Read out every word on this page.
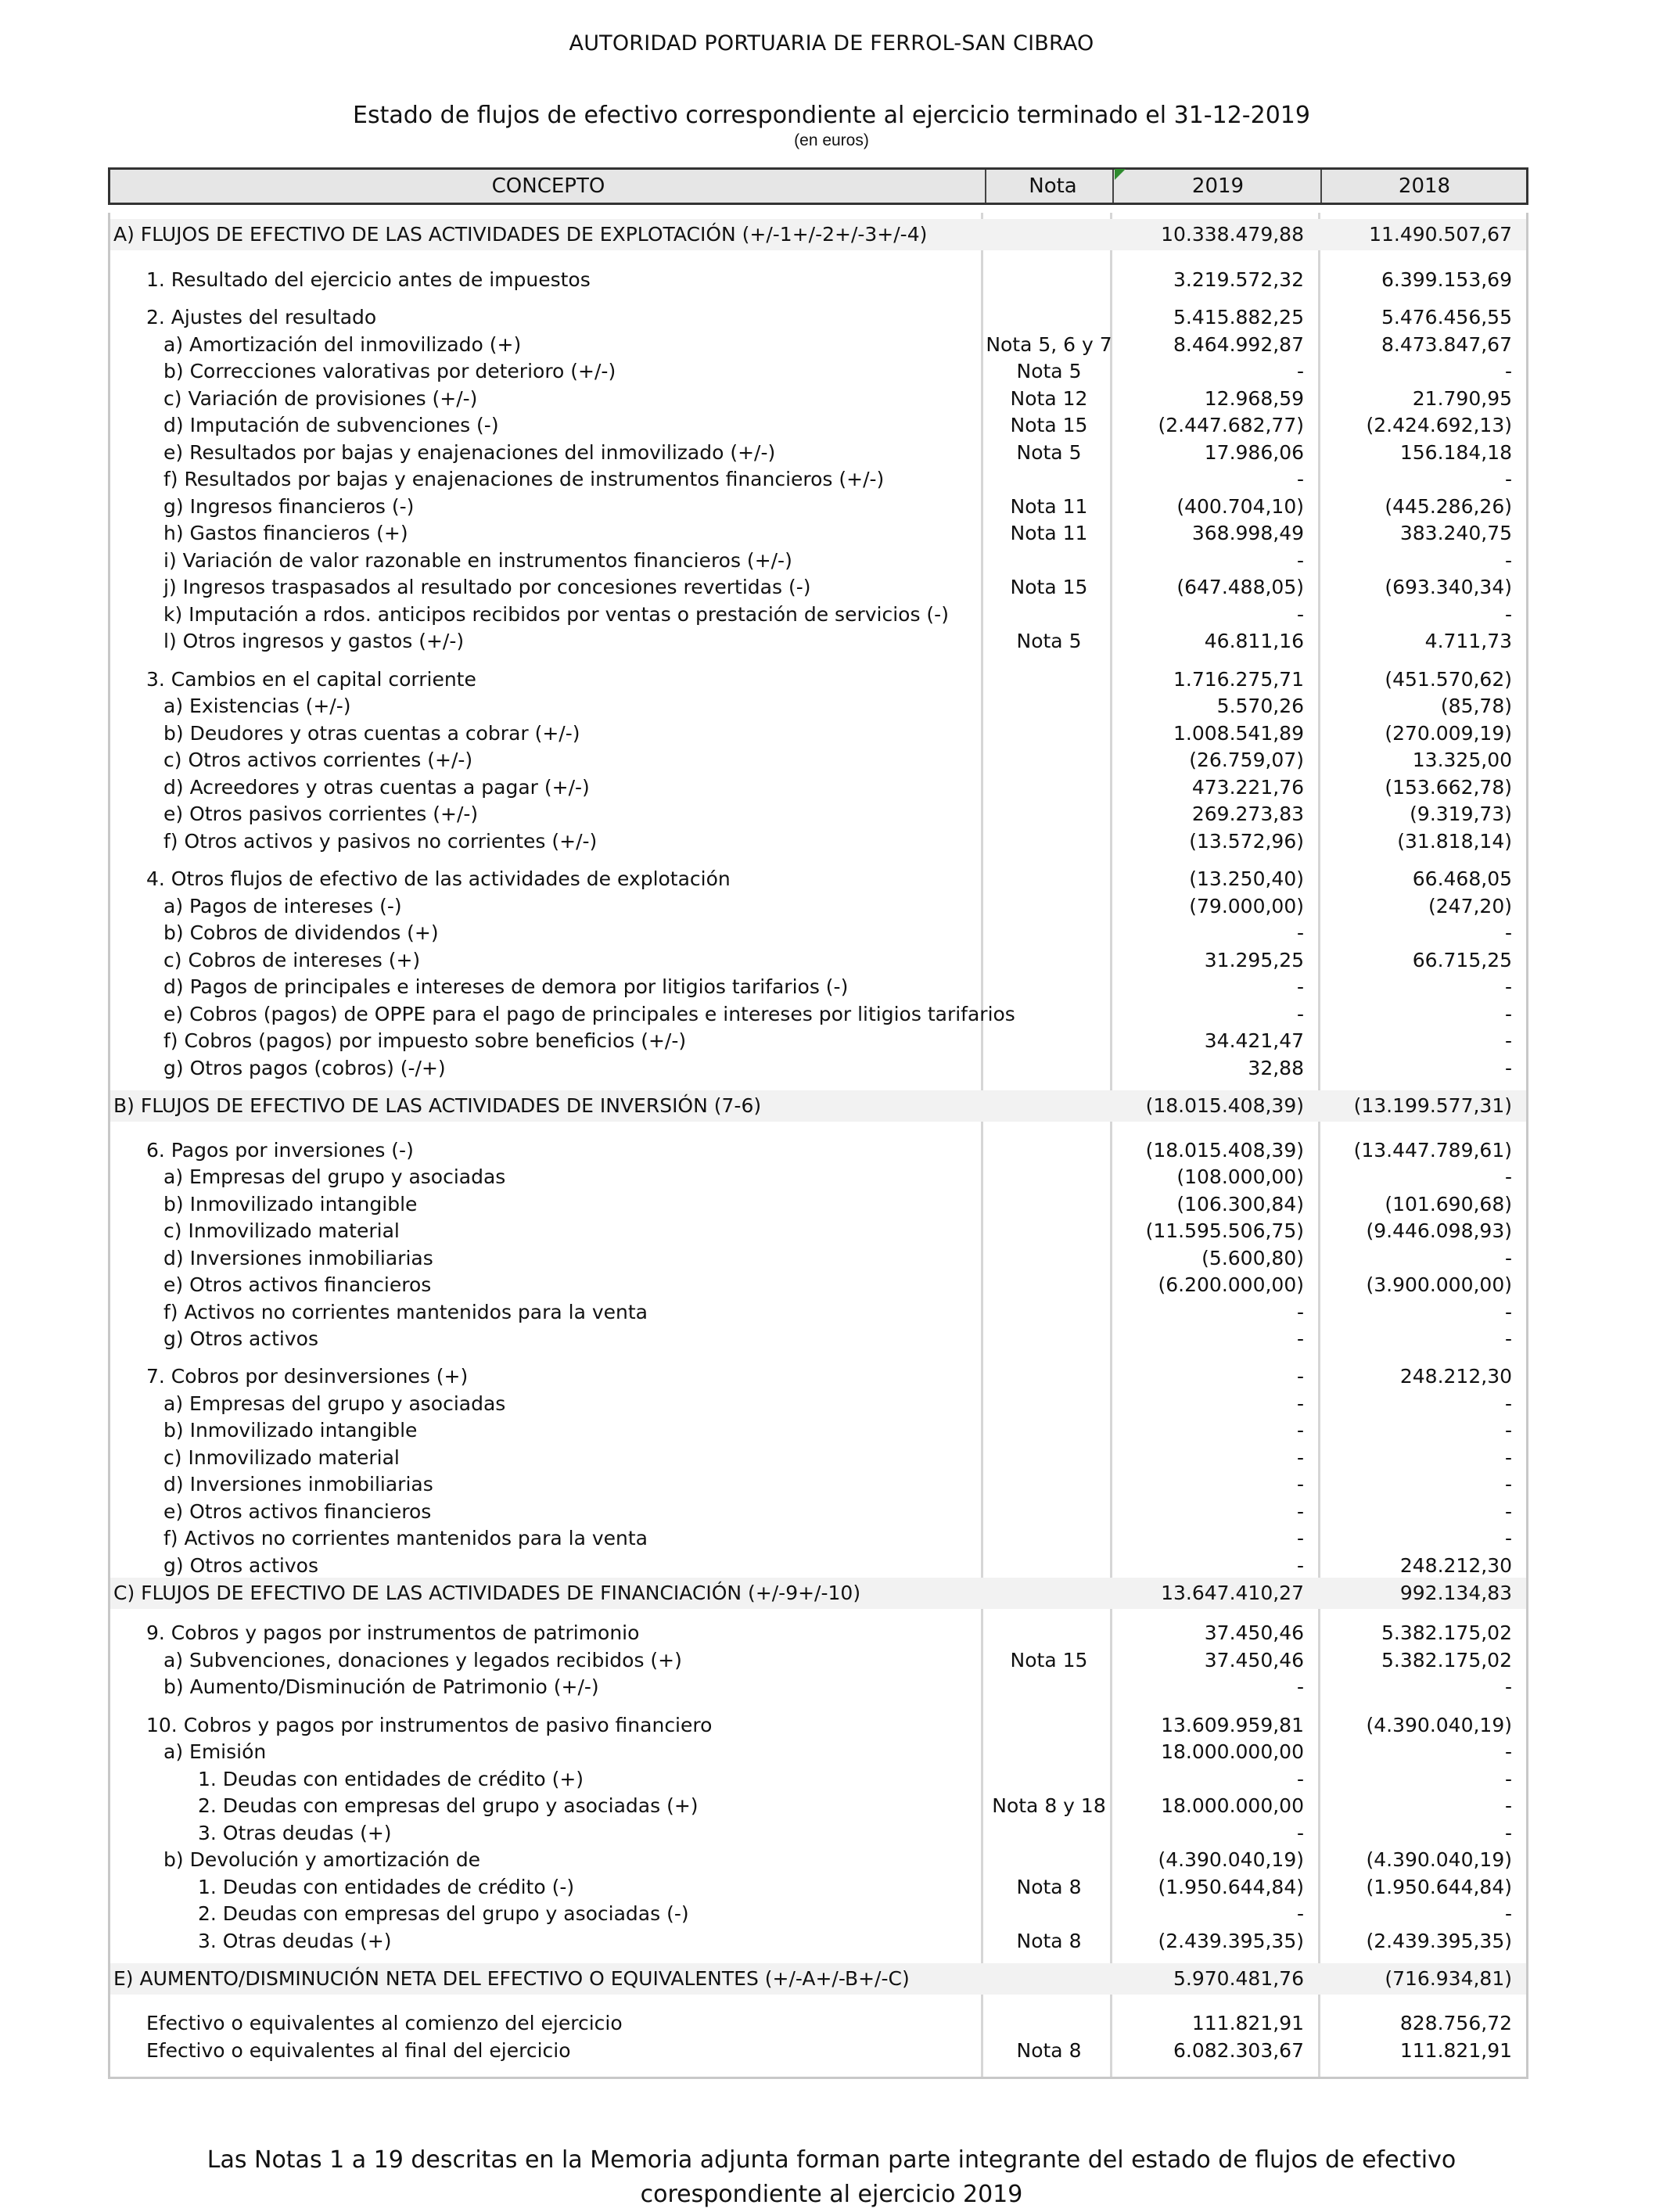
AUTORIDAD PORTUARIA DE FERROL-SAN CIBRAO
Estado de flujos de efectivo correspondiente al ejercicio terminado el 31-12-2019
(en euros)
CONCEPTO	Nota	2019	2018
A) FLUJOS DE EFECTIVO DE LAS ACTIVIDADES DE EXPLOTACIÓN (+/-1+/-2+/-3+/-4)	10.338.479,88	11.490.507,67
1. Resultado del ejercicio antes de impuestos	3.219.572,32	6.399.153,69
2. Ajustes del resultado	5.415.882,25	5.476.456,55
a) Amortización del inmovilizado (+)	Nota 5, 6 y 7	8.464.992,87	8.473.847,67
b) Correcciones valorativas por deterioro (+/-)	Nota 5	-	-
c) Variación de provisiones (+/-)	Nota 12	12.968,59	21.790,95
d) Imputación de subvenciones (-)	Nota 15	(2.447.682,77)	(2.424.692,13)
e) Resultados por bajas y enajenaciones del inmovilizado (+/-)	Nota 5	17.986,06	156.184,18
f) Resultados por bajas y enajenaciones de instrumentos financieros (+/-)	-	-
g) Ingresos financieros (-)	Nota 11	(400.704,10)	(445.286,26)
h) Gastos financieros (+)	Nota 11	368.998,49	383.240,75
i) Variación de valor razonable en instrumentos financieros (+/-)	-	-
j) Ingresos traspasados al resultado por concesiones revertidas (-)	Nota 15	(647.488,05)	(693.340,34)
k) Imputación a rdos. anticipos recibidos por ventas o prestación de servicios (-)	-	-
l) Otros ingresos y gastos (+/-)	Nota 5	46.811,16	4.711,73
3. Cambios en el capital corriente	1.716.275,71	(451.570,62)
a) Existencias (+/-)	5.570,26	(85,78)
b) Deudores y otras cuentas a cobrar (+/-)	1.008.541,89	(270.009,19)
c) Otros activos corrientes (+/-)	(26.759,07)	13.325,00
d) Acreedores y otras cuentas a pagar (+/-)	473.221,76	(153.662,78)
e) Otros pasivos corrientes (+/-)	269.273,83	(9.319,73)
f) Otros activos y pasivos no corrientes (+/-)	(13.572,96)	(31.818,14)
4. Otros flujos de efectivo de las actividades de explotación	(13.250,40)	66.468,05
a) Pagos de intereses (-)	(79.000,00)	(247,20)
b) Cobros de dividendos (+)	-	-
c) Cobros de intereses (+)	31.295,25	66.715,25
d) Pagos de principales e intereses de demora por litigios tarifarios (-)	-	-
e) Cobros (pagos) de OPPE para el pago de principales e intereses por litigios tarifarios	-	-
f) Cobros (pagos) por impuesto sobre beneficios (+/-)	34.421,47	-
g) Otros pagos (cobros) (-/+)	32,88	-
B) FLUJOS DE EFECTIVO DE LAS ACTIVIDADES DE INVERSIÓN (7-6)	(18.015.408,39)	(13.199.577,31)
6. Pagos por inversiones (-)	(18.015.408,39)	(13.447.789,61)
a) Empresas del grupo y asociadas	(108.000,00)	-
b) Inmovilizado intangible	(106.300,84)	(101.690,68)
c) Inmovilizado material	(11.595.506,75)	(9.446.098,93)
d) Inversiones inmobiliarias	(5.600,80)	-
e) Otros activos financieros	(6.200.000,00)	(3.900.000,00)
f) Activos no corrientes mantenidos para la venta	-	-
g) Otros activos	-	-
7. Cobros por desinversiones (+)	-	248.212,30
a) Empresas del grupo y asociadas	-	-
b) Inmovilizado intangible	-	-
c) Inmovilizado material	-	-
d) Inversiones inmobiliarias	-	-
e) Otros activos financieros	-	-
f) Activos no corrientes mantenidos para la venta	-	-
g) Otros activos	-	248.212,30
C) FLUJOS DE EFECTIVO DE LAS ACTIVIDADES DE FINANCIACIÓN (+/-9+/-10)	13.647.410,27	992.134,83
9. Cobros y pagos por instrumentos de patrimonio	37.450,46	5.382.175,02
a) Subvenciones, donaciones y legados recibidos (+)	Nota 15	37.450,46	5.382.175,02
b) Aumento/Disminución de Patrimonio (+/-)	-	-
10. Cobros y pagos por instrumentos de pasivo financiero	13.609.959,81	(4.390.040,19)
a) Emisión	18.000.000,00	-
1. Deudas con entidades de crédito (+)	-	-
2. Deudas con empresas del grupo y asociadas (+)	Nota 8 y 18	18.000.000,00	-
3. Otras deudas (+)	-	-
b) Devolución y amortización de	(4.390.040,19)	(4.390.040,19)
1. Deudas con entidades de crédito (-)	Nota 8	(1.950.644,84)	(1.950.644,84)
2. Deudas con empresas del grupo y asociadas (-)	-	-
3. Otras deudas (+)	Nota 8	(2.439.395,35)	(2.439.395,35)
E) AUMENTO/DISMINUCIÓN NETA DEL EFECTIVO O EQUIVALENTES (+/-A+/-B+/-C)	5.970.481,76	(716.934,81)
Efectivo o equivalentes al comienzo del ejercicio	111.821,91	828.756,72
Efectivo o equivalentes al final del ejercicio	Nota 8	6.082.303,67	111.821,91
Las Notas 1 a 19 descritas en la Memoria adjunta forman parte integrante del estado de flujos de efectivo corespondiente al ejercicio 2019
